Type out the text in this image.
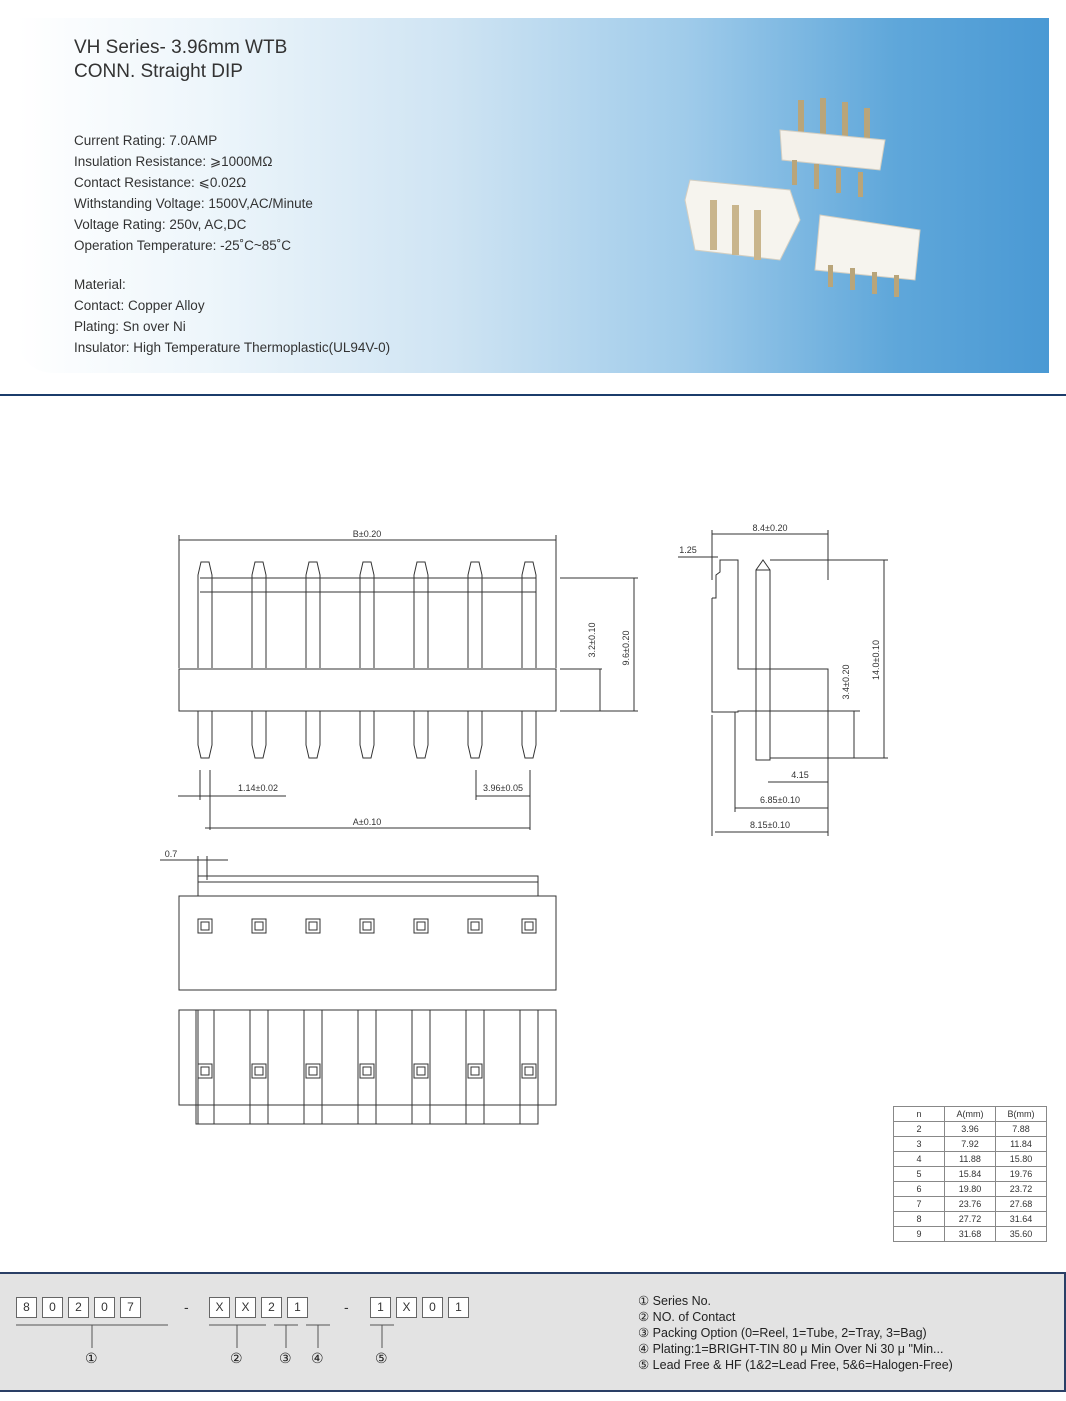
VH Series- 3.96mm WTB
CONN. Straight DIP
Current Rating: 7.0AMP
Insulation Resistance: ⩾1000MΩ
Contact Resistance: ⩽0.02Ω
Withstanding Voltage: 1500V,AC/Minute
Voltage Rating: 250v, AC,DC
Operation Temperature: -25˚C~85˚C
Material:
Contact: Copper Alloy
Plating: Sn over Ni
Insulator: High Temperature Thermoplastic(UL94V-0)
B±0.20
3.2±0.10	9.6±0.20
1.14±0.02	3.96±0.05
A±0.10
8.4±0.20
1.25
3.4±0.20
14.0±0.10
4.15
6.85±0.10
8.15±0.10
0.7
n	A(mm)	B(mm)
2	3.96	7.88
3	7.92	11.84
4	11.88	15.80
5	15.84	19.76
6	19.80	23.72
7	23.76	27.68
8	27.72	31.64
9	31.68	35.60
8	0	2	0	7	-	X	X	2	1	-	1	X	0	1
①	②	③ ④	⑤
① Series No.
② NO. of Contact
③ Packing Option (0=Reel, 1=Tube, 2=Tray, 3=Bag)
④ Plating:1=BRIGHT-TIN 80 μ Min Over Ni 30 μ "Min...
⑤ Lead Free & HF (1&2=Lead Free, 5&6=Halogen-Free)
